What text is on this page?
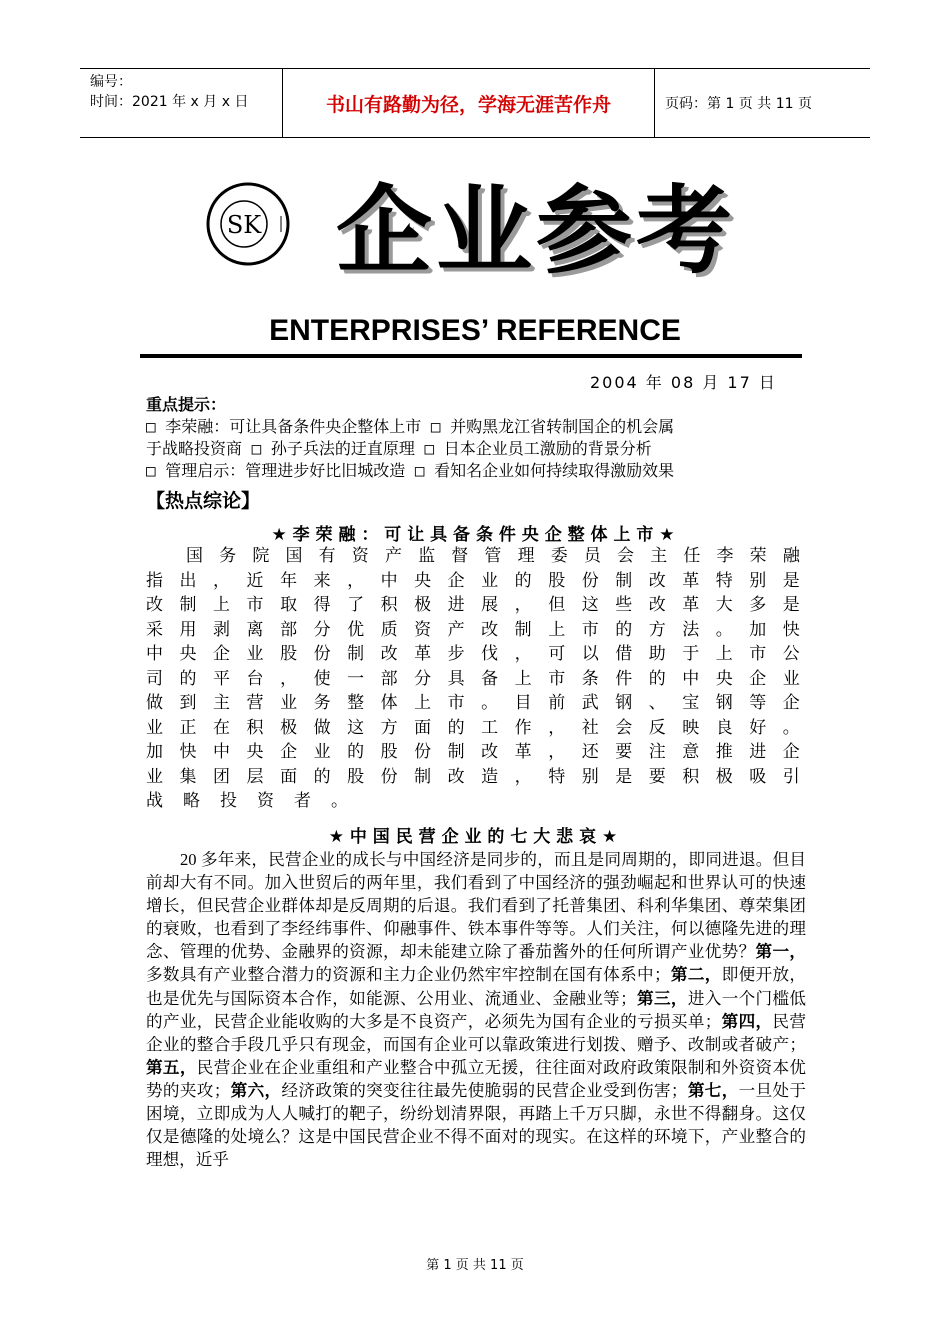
编号：
时间：2021 年 x 月 x 日	书山有路勤为径，学海无涯苦作舟	页码：第 1 页 共 11 页
SK 企业参考
ENTERPRISES’ REFERENCE
2004 年 08 月 17 日
重点提示：
□ 李荣融：可让具备条件央企整体上市 □ 并购黑龙江省转制国企的机会属
于战略投资商 □ 孙子兵法的迂直原理 □ 日本企业员工激励的背景分析
□ 管理启示：管理进步好比旧城改造 □ 看知名企业如何持续取得激励效果
【热点综论】
★ 李 荣 融 ： 可 让 具 备 条 件 央 企 整 体 上 市 ★
国 务 院 国 有 资 产 监 督 管 理 委 员 会 主 任 李 荣 融
指 出 ， 近 年 来 ， 中 央 企 业 的 股 份 制 改 革 特 别 是
改 制 上 市 取 得 了 积 极 进 展 ， 但 这 些 改 革 大 多 是
采 用 剥 离 部 分 优 质 资 产 改 制 上 市 的 方 法 。 加 快
中 央 企 业 股 份 制 改 革 步 伐 ， 可 以 借 助 于 上 市 公
司 的 平 台 ， 使 一 部 分 具 备 上 市 条 件 的 中 央 企 业
做 到 主 营 业 务 整 体 上 市 。 目 前 武 钢 、 宝 钢 等 企
业 正 在 积 极 做 这 方 面 的 工 作 ， 社 会 反 映 良 好 。
加 快 中 央 企 业 的 股 份 制 改 革 ， 还 要 注 意 推 进 企
业 集 团 层 面 的 股 份 制 改 造 ， 特 别 是 要 积 极 吸 引
战 略 投 资 者 。
★ 中 国 民 营 企 业 的 七 大 悲 哀 ★
20 多年来，民营企业的成长与中国经济是同步的，而且是同周期的，即同进退。但目前却大有不同。加入世贸后的两年里，我们看到了中国经济的强劲崛起和世界认可的快速增长，但民营企业群体却是反周期的后退。我们看到了托普集团、科利华集团、尊荣集团的衰败，也看到了李经纬事件、仰融事件、铁本事件等等。人们关注，何以德隆先进的理念、管理的优势、金融界的资源，却未能建立除了番茄酱外的任何所谓产业优势？第一，多数具有产业整合潜力的资源和主力企业仍然牢牢控制在国有体系中；第二，即便开放，也是优先与国际资本合作，如能源、公用业、流通业、金融业等；第三，进入一个门槛低的产业，民营企业能收购的大多是不良资产，必须先为国有企业的亏损买单；第四，民营企业的整合手段几乎只有现金，而国有企业可以靠政策进行划拨、赠予、改制或者破产；第五，民营企业在企业重组和产业整合中孤立无援，往往面对政府政策限制和外资资本优势的夹攻；第六，经济政策的突变往往最先使脆弱的民营企业受到伤害；第七，一旦处于困境，立即成为人人喊打的靶子，纷纷划清界限，再踏上千万只脚，永世不得翻身。这仅仅是德隆的处境么？这是中国民营企业不得不面对的现实。在这样的环境下，产业整合的理想，近乎
第 1 页 共 11 页
